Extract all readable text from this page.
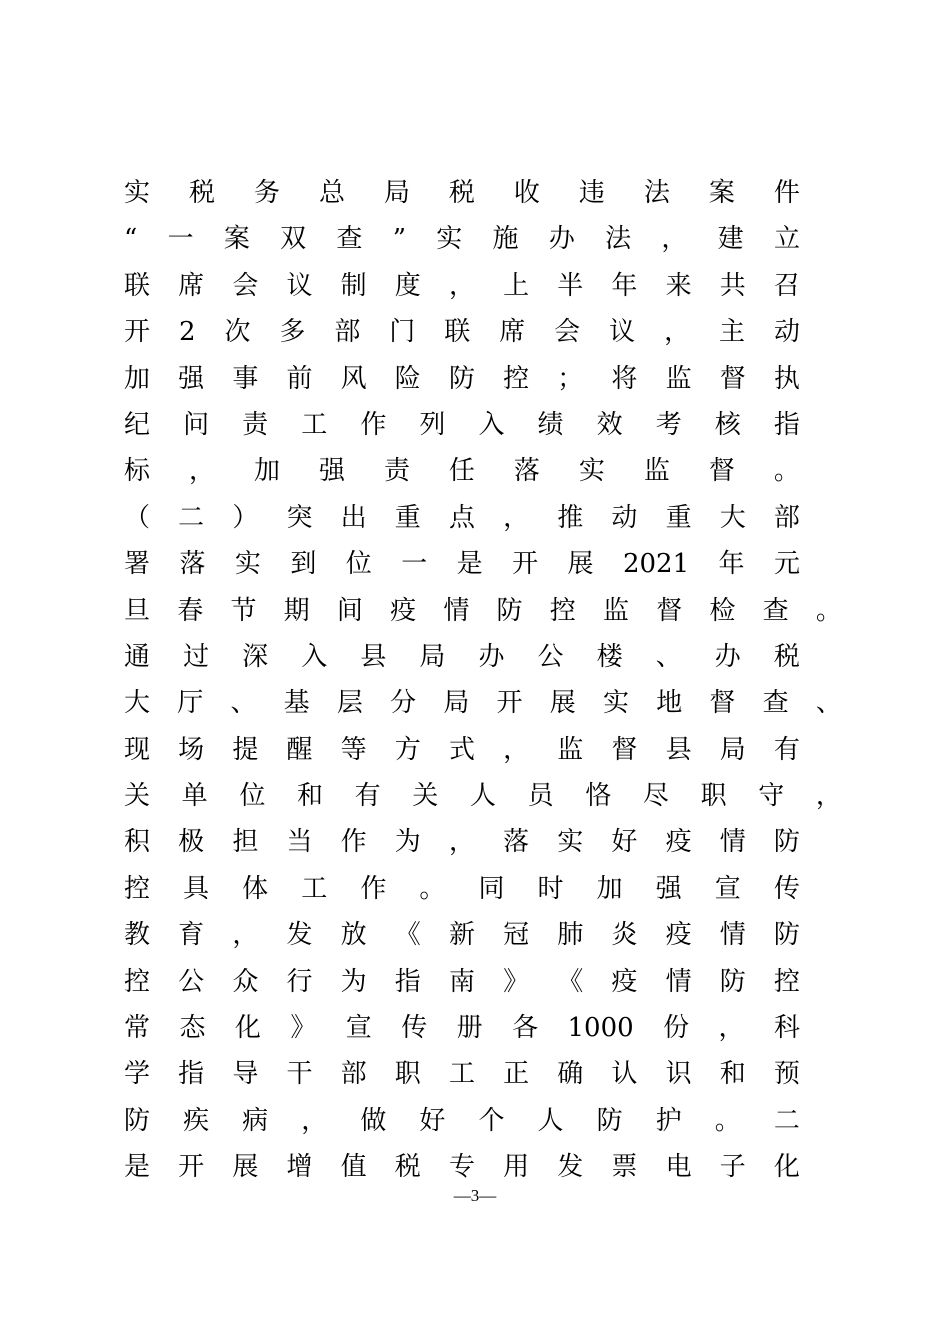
实 税 务 总 局 税 收 违 法 案 件
“ 一 案 双 查 ” 实 施 办 法 ， 建 立
联 席 会 议 制 度 ， 上 半 年 来 共 召
开 2 次 多 部 门 联 席 会 议 ， 主 动
加 强 事 前 风 险 防 控 ； 将 监 督 执
纪 问 责 工 作 列 入 绩 效 考 核 指
标 ， 加 强 责 任 落 实 监 督 。
（ 二 ） 突 出 重 点 ， 推 动 重 大 部
署 落 实 到 位 一 是 开 展 2021 年 元
旦 春 节 期 间 疫 情 防 控 监 督 检 查 。
通 过 深 入 县 局 办 公 楼 、 办 税
大 厅 、 基 层 分 局 开 展 实 地 督 查 、
现 场 提 醒 等 方 式 ， 监 督 县 局 有
关 单 位 和 有 关 人 员 恪 尽 职 守 ，
积 极 担 当 作 为 ， 落 实 好 疫 情 防
控 具 体 工 作 。 同 时 加 强 宣 传
教 育 ， 发 放 《 新 冠 肺 炎 疫 情 防
控 公 众 行 为 指 南 》 《 疫 情 防 控
常 态 化 》 宣 传 册 各 1000 份 ， 科
学 指 导 干 部 职 工 正 确 认 识 和 预
防 疾 病 ， 做 好 个 人 防 护 。 二
是 开 展 增 值 税 专 用 发 票 电 子 化
—3—
